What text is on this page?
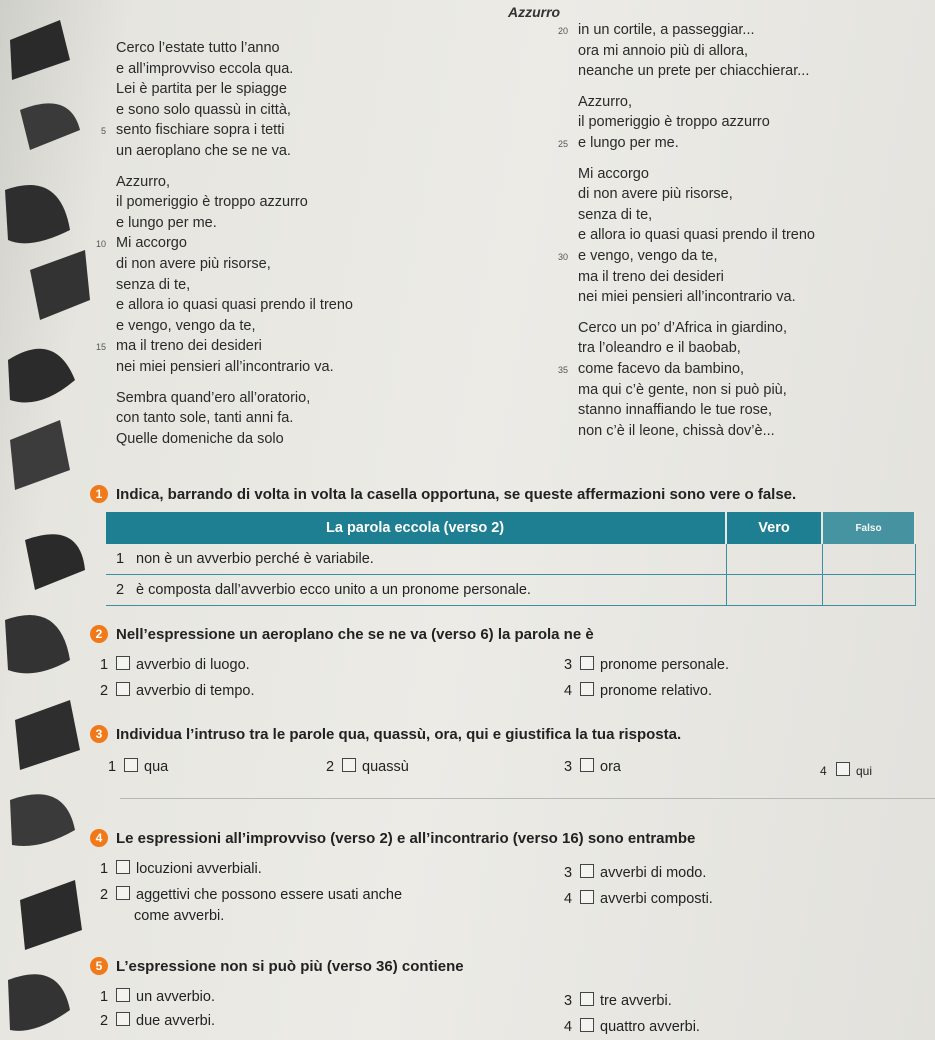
Azzurro
Cerco l’estate tutto l’anno
e all’improvviso eccola qua.
Lei è partita per le spiagge
e sono solo quassù in città,
5 sento fischiare sopra i tetti
un aeroplano che se ne va.
Azzurro,
il pomeriggio è troppo azzurro
e lungo per me.
10 Mi accorgo
di non avere più risorse,
senza di te,
e allora io quasi quasi prendo il treno
e vengo, vengo da te,
15 ma il treno dei desideri
nei miei pensieri all’incontrario va.
Sembra quand’ero all’oratorio,
con tanto sole, tanti anni fa.
Quelle domeniche da solo
20 in un cortile, a passeggiar...
ora mi annoio più di allora,
neanche un prete per chiacchierar...
Azzurro,
il pomeriggio è troppo azzurro
25 e lungo per me.
Mi accorgo
di non avere più risorse,
senza di te,
e allora io quasi quasi prendo il treno
30 e vengo, vengo da te,
ma il treno dei desideri
nei miei pensieri all’incontrario va.
Cerco un po’ d’Africa in giardino,
tra l’oleandro e il baobab,
35 come facevo da bambino,
ma qui c’è gente, non si può più,
stanno innaffiando le tue rose,
non c’è il leone, chissà dov’è...
1 Indica, barrando di volta in volta la casella opportuna, se queste affermazioni sono vere o false.
La parola eccola (verso 2)	Vero	Falso
1 non è un avverbio perché è variabile.		
2 è composta dall’avverbio ecco unito a un pronome personale.		
2 Nell’espressione un aeroplano che se ne va (verso 6) la parola ne è
1 avverbio di luogo.
2 avverbio di tempo.
3 pronome personale.
4 pronome relativo.
3 Individua l’intruso tra le parole qua, quassù, ora, qui e giustifica la tua risposta.
1 qua	2 quassù	3 ora	4 qui
4 Le espressioni all’improvviso (verso 2) e all’incontrario (verso 16) sono entrambe
1 locuzioni avverbiali.
2 aggettivi che possono essere usati anche
come avverbi.
3 avverbi di modo.
4 avverbi composti.
5 L’espressione non si può più (verso 36) contiene
1 un avverbio.
2 due avverbi.
3 tre avverbi.
4 quattro avverbi.
